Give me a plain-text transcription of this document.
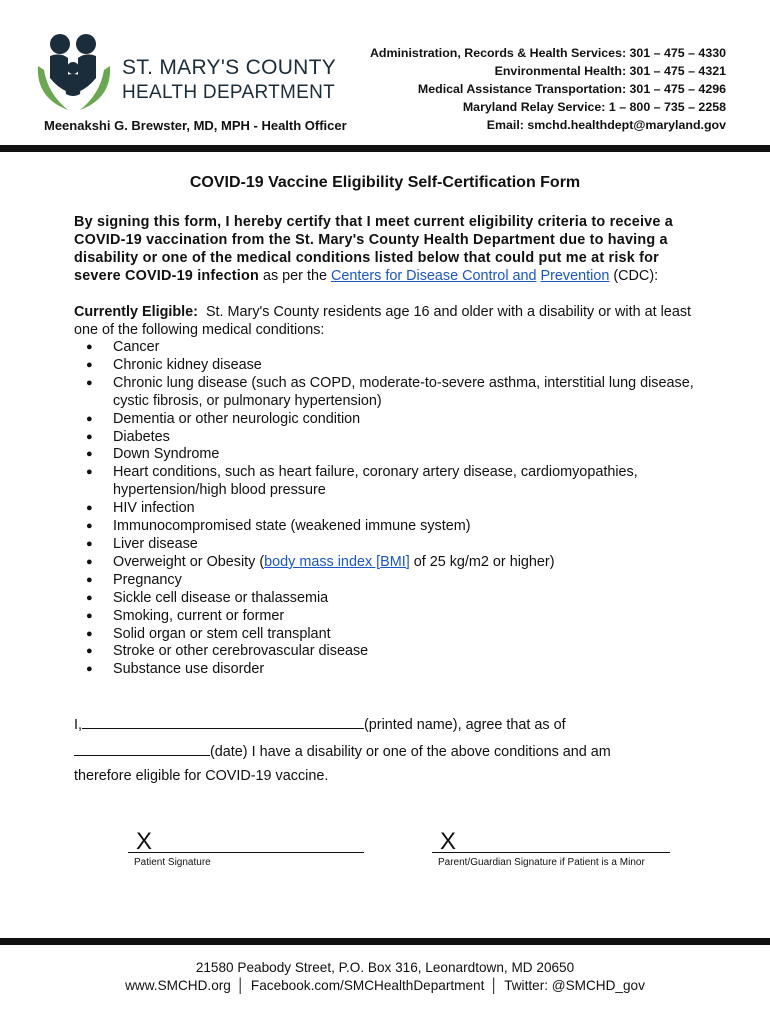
ST. MARY'S COUNTY
HEALTH DEPARTMENT
Meenakshi G. Brewster, MD, MPH - Health Officer
Administration, Records & Health Services: 301 – 475 – 4330
Environmental Health: 301 – 475 – 4321
Medical Assistance Transportation: 301 – 475 – 4296
Maryland Relay Service: 1 – 800 – 735 – 2258
Email: smchd.healthdept@maryland.gov
COVID-19 Vaccine Eligibility Self-Certification Form
By signing this form, I hereby certify that I meet current eligibility criteria to receive a COVID-19 vaccination from the St. Mary's County Health Department due to having a disability or one of the medical conditions listed below that could put me at risk for severe COVID-19 infection as per the Centers for Disease Control and Prevention (CDC):
Currently Eligible: St. Mary's County residents age 16 and older with a disability or with at least one of the following medical conditions:
● Cancer
● Chronic kidney disease
● Chronic lung disease (such as COPD, moderate-to-severe asthma, interstitial lung disease, cystic fibrosis, or pulmonary hypertension)
● Dementia or other neurologic condition
● Diabetes
● Down Syndrome
● Heart conditions, such as heart failure, coronary artery disease, cardiomyopathies, hypertension/high blood pressure
● HIV infection
● Immunocompromised state (weakened immune system)
● Liver disease
● Overweight or Obesity (body mass index [BMI] of 25 kg/m2 or higher)
● Pregnancy
● Sickle cell disease or thalassemia
● Smoking, current or former
● Solid organ or stem cell transplant
● Stroke or other cerebrovascular disease
● Substance use disorder
I,	(printed name), agree that as of
(date) I have a disability or one of the above conditions and am
therefore eligible for COVID-19 vaccine.
X
Patient Signature
X
Parent/Guardian Signature if Patient is a Minor
21580 Peabody Street, P.O. Box 316, Leonardtown, MD 20650
www.SMCHD.org │ Facebook.com/SMCHealthDepartment │ Twitter: @SMCHD_gov
